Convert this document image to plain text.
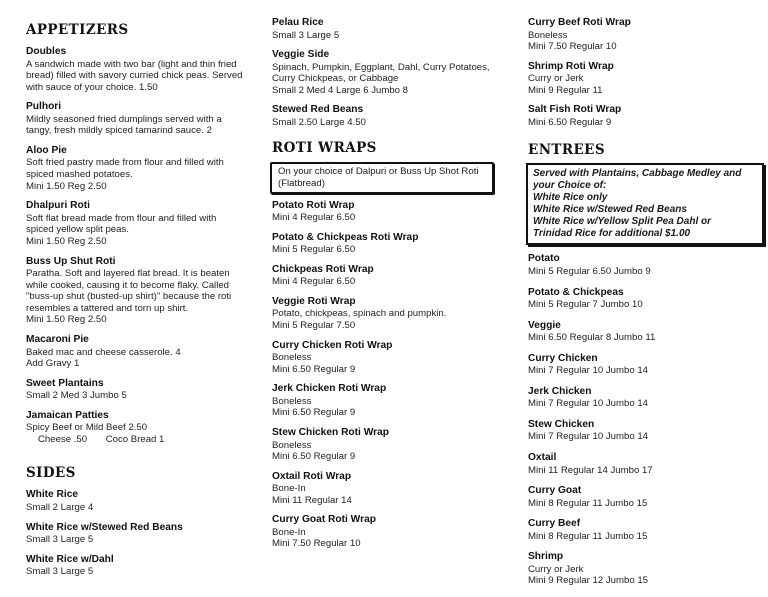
APPETIZERS
Doubles
A sandwich made with two bar (light and thin fried
bread) filled with savory curried chick peas. Served
with sauce of your choice. 1.50
Pulhori
Mildly seasoned fried dumplings served with a
tangy, fresh mildly spiced tamarind sauce. 2
Aloo Pie
Soft fried pastry made from flour and filled with
spiced mashed potatoes.
Mini 1.50 Reg 2.50
Dhalpuri Roti
Soft flat bread made from flour and filled with
spiced yellow split peas.
Mini 1.50 Reg 2.50
Buss Up Shut Roti
Paratha. Soft and layered flat bread. It is beaten
while cooked, causing it to become flaky. Called
"buss-up shut (busted-up shirt)" because the roti
resembles a tattered and torn up shirt.
Mini 1.50 Reg 2.50
Macaroni Pie
Baked mac and cheese casserole. 4
Add Gravy 1
Sweet Plantains
Small 2 Med 3 Jumbo 5
Jamaican Patties
Spicy Beef or Mild Beef 2.50
Cheese .50       Coco Bread 1
SIDES
White Rice
Small 2 Large 4
White Rice w/Stewed Red Beans
Small 3 Large 5
White Rice w/Dahl
Small 3 Large 5
Pelau Rice
Small 3 Large 5
Veggie Side
Spinach, Pumpkin, Eggplant, Dahl, Curry Potatoes,
Curry Chickpeas, or Cabbage
Small 2 Med 4 Large 6 Jumbo 8
Stewed Red Beans
Small 2.50 Large 4.50
ROTI WRAPS
On your choice of Dalpuri or Buss Up Shot Roti
(Flatbread)
Potato Roti Wrap
Mini 4 Regular 6.50
Potato & Chickpeas Roti Wrap
Mini 5 Regular 6.50
Chickpeas Roti Wrap
Mini 4 Regular 6.50
Veggie Roti Wrap
Potato, chickpeas, spinach and pumpkin.
Mini 5 Regular 7.50
Curry Chicken Roti Wrap
Boneless
Mini 6.50 Regular 9
Jerk Chicken Roti Wrap
Boneless
Mini 6.50 Regular 9
Stew Chicken Roti Wrap
Boneless
Mini 6.50 Regular 9
Oxtail Roti Wrap
Bone-In
Mini 11 Regular 14
Curry Goat Roti Wrap
Bone-In
Mini 7.50 Regular 10
Curry Beef Roti Wrap
Boneless
Mini 7.50 Regular 10
Shrimp Roti Wrap
Curry or Jerk
Mini 9 Regular 11
Salt Fish Roti Wrap
Mini 6.50 Regular 9
ENTREES
Served with Plantains, Cabbage Medley and
your Choice of:
White Rice only
White Rice w/Stewed Red Beans
White Rice w/Yellow Split Pea Dahl or
Trinidad Rice for additional $1.00
Potato
Mini 5 Regular 6.50 Jumbo 9
Potato & Chickpeas
Mini 5 Regular 7 Jumbo 10
Veggie
Mini 6.50 Regular 8 Jumbo 11
Curry Chicken
Mini 7 Regular 10 Jumbo 14
Jerk Chicken
Mini 7 Regular 10 Jumbo 14
Stew Chicken
Mini 7 Regular 10 Jumbo 14
Oxtail
Mini 11 Regular 14 Jumbo 17
Curry Goat
Mini 8 Regular 11 Jumbo 15
Curry Beef
Mini 8 Regular 11 Jumbo 15
Shrimp
Curry or Jerk
Mini 9 Regular 12 Jumbo 15
